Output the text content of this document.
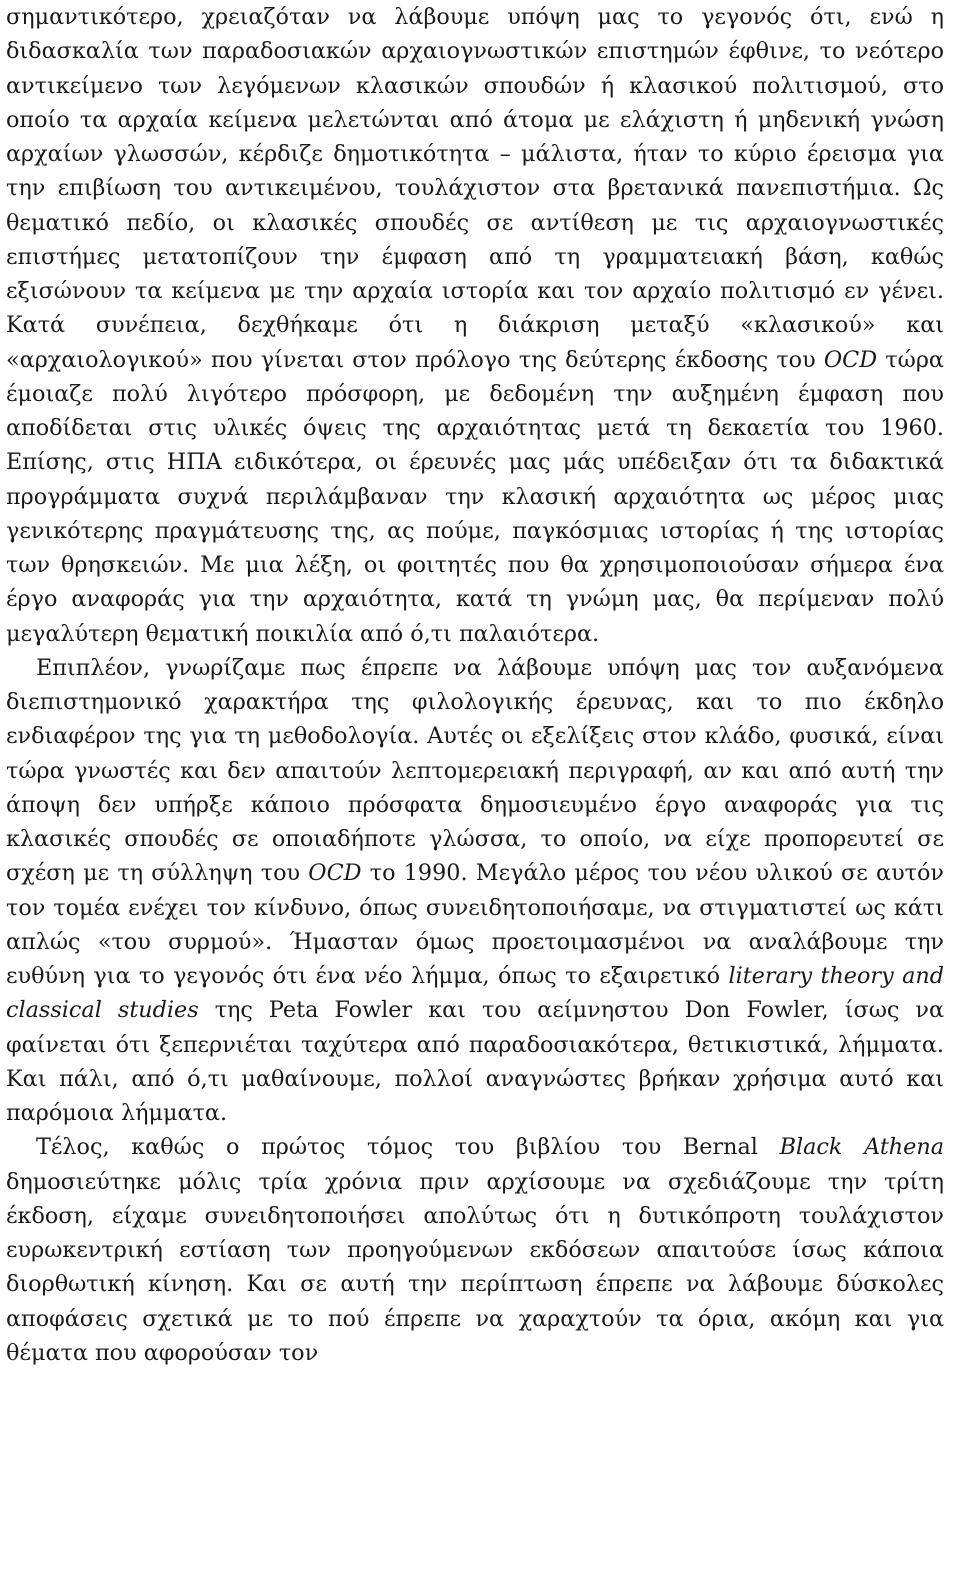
σημαντικότερο, χρειαζόταν να λάβουμε υπόψη μας το γεγονός ότι, ενώ η διδασκαλία των παραδοσιακών αρχαιογνωστικών επιστημών έφθινε, το νεότερο αντικείμενο των λεγόμενων κλασικών σπουδών ή κλασικού πολιτισμού, στο οποίο τα αρχαία κείμενα μελετώνται από άτομα με ελάχιστη ή μηδενική γνώση αρχαίων γλωσσών, κέρδιζε δημοτικότητα – μάλιστα, ήταν το κύριο έρεισμα για την επιβίωση του αντικειμένου, τουλάχιστον στα βρετανικά πανεπιστήμια. Ως θεματικό πεδίο, οι κλασικές σπουδές σε αντίθεση με τις αρχαιογνωστικές επιστήμες μετατοπίζουν την έμφαση από τη γραμματειακή βάση, καθώς εξισώνουν τα κείμενα με την αρχαία ιστορία και τον αρχαίο πολιτισμό εν γένει. Κατά συνέπεια, δεχθήκαμε ότι η διάκριση μεταξύ «κλασικού» και «αρχαιολογικού» που γίνεται στον πρόλογο της δεύτερης έκδοσης του OCD τώρα έμοιαζε πολύ λιγότερο πρόσφορη, με δεδομένη την αυξημένη έμφαση που αποδίδεται στις υλικές όψεις της αρχαιότητας μετά τη δεκαετία του 1960. Επίσης, στις ΗΠΑ ειδικότερα, οι έρευνές μας μάς υπέδειξαν ότι τα διδακτικά προγράμματα συχνά περιλάμβαναν την κλασική αρχαιότητα ως μέρος μιας γενικότερης πραγμάτευσης της, ας πούμε, παγκόσμιας ιστορίας ή της ιστορίας των θρησκειών. Με μια λέξη, οι φοιτητές που θα χρησιμοποιούσαν σήμερα ένα έργο αναφοράς για την αρχαιότητα, κατά τη γνώμη μας, θα περίμεναν πολύ μεγαλύτερη θεματική ποικιλία από ό,τι παλαιότερα.

Επιπλέον, γνωρίζαμε πως έπρεπε να λάβουμε υπόψη μας τον αυξανόμενα διεπιστημονικό χαρακτήρα της φιλολογικής έρευνας, και το πιο έκδηλο ενδιαφέρον της για τη μεθοδολογία. Αυτές οι εξελίξεις στον κλάδο, φυσικά, είναι τώρα γνωστές και δεν απαιτούν λεπτομερειακή περιγραφή, αν και από αυτή την άποψη δεν υπήρξε κάποιο πρόσφατα δημοσιευμένο έργο αναφοράς για τις κλασικές σπουδές σε οποιαδήποτε γλώσσα, το οποίο, να είχε προπορευτεί σε σχέση με τη σύλληψη του OCD το 1990. Μεγάλο μέρος του νέου υλικού σε αυτόν τον τομέα ενέχει τον κίνδυνο, όπως συνειδητοποιήσαμε, να στιγματιστεί ως κάτι απλώς «του συρμού». Ήμασταν όμως προετοιμασμένοι να αναλάβουμε την ευθύνη για το γεγονός ότι ένα νέο λήμμα, όπως το εξαιρετικό literary theory and classical studies της Peta Fowler και του αείμνηστου Don Fowler, ίσως να φαίνεται ότι ξεπερνιέται ταχύτερα από παραδοσιακότερα, θετικιστικά, λήμματα. Και πάλι, από ό,τι μαθαίνουμε, πολλοί αναγνώστες βρήκαν χρήσιμα αυτό και παρόμοια λήμματα.

Τέλος, καθώς ο πρώτος τόμος του βιβλίου του Bernal Black Athena δημοσιεύτηκε μόλις τρία χρόνια πριν αρχίσουμε να σχεδιάζουμε την τρίτη έκδοση, είχαμε συνειδητοποιήσει απολύτως ότι η δυτικόπροτη τουλάχιστον ευρωκεντρική εστίαση των προηγούμενων εκδόσεων απαιτούσε ίσως κάποια διορθωτική κίνηση. Και σε αυτή την περίπτωση έπρεπε να λάβουμε δύσκολες αποφάσεις σχετικά με το πού έπρεπε να χαραχτούν τα όρια, ακόμη και για θέματα που αφορούσαν τον
